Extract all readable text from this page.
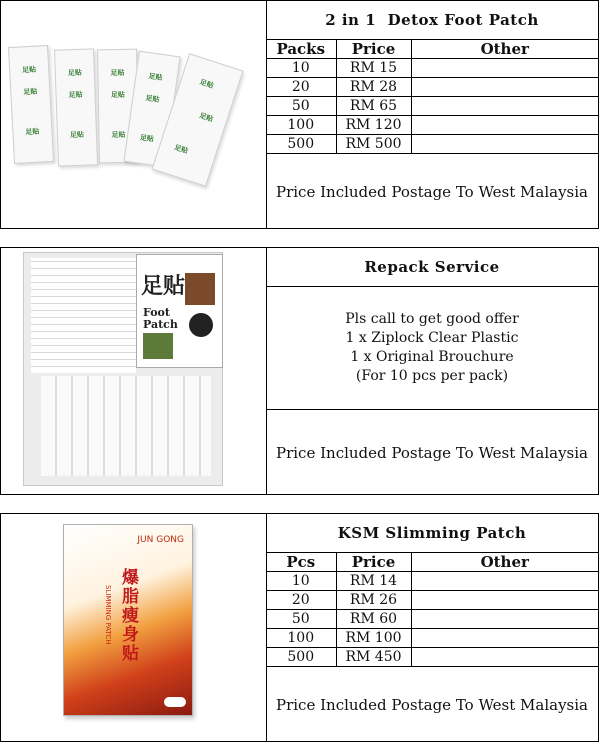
足贴
足贴
足贴
足贴
足贴
足贴
足贴
足贴
足贴
足贴
足贴
足贴
足贴
足贴
足贴
2 in 1  Detox Foot Patch
Packs	Price	Other
10	RM 15	
20	RM 28	
50	RM 65	
100	RM 120	
500	RM 500	
Price Included Postage To West Malaysia
足贴
Foot Patch
Repack Service
Pls call to get good offer
1 x Ziplock Clear Plastic
1 x Original Brouchure
(For 10 pcs per pack)
Price Included Postage To West Malaysia
JUN GONG
爆脂瘦身贴
SLIMMING PATCH
KSM Slimming Patch
Pcs	Price	Other
10	RM 14	
20	RM 26	
50	RM 60	
100	RM 100	
500	RM 450	
Price Included Postage To West Malaysia
